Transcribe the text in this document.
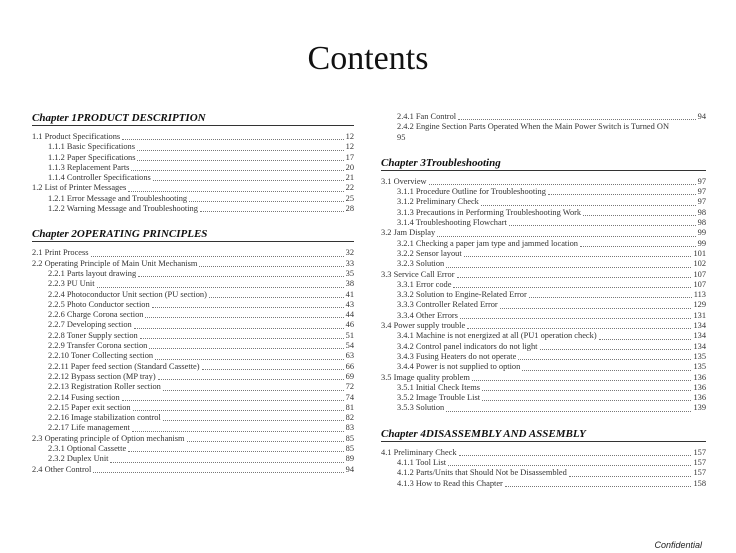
Contents
Chapter 1PRODUCT DESCRIPTION
1.1 Product Specifications	12
1.1.1 Basic Specifications	12
1.1.2 Paper Specifications	17
1.1.3 Replacement Parts	20
1.1.4 Controller Specifications	21
1.2 List of Printer Messages	22
1.2.1 Error Message and Troubleshooting	25
1.2.2 Warning Message and Troubleshooting	28
Chapter 2OPERATING PRINCIPLES
2.1 Print Process	32
2.2 Operating Principle of Main Unit Mechanism	33
2.2.1 Parts layout drawing	35
2.2.3 PU Unit	38
2.2.4 Photoconductor Unit section (PU section)	41
2.2.5 Photo Conductor section	43
2.2.6 Charge Corona section	44
2.2.7 Developing section	46
2.2.8 Toner Supply section	51
2.2.9 Transfer Corona section	54
2.2.10 Toner Collecting section	63
2.2.11 Paper feed section (Standard Cassette)	66
2.2.12 Bypass section (MP tray)	69
2.2.13 Registration Roller section	72
2.2.14 Fusing section	74
2.2.15 Paper exit section	81
2.2.16 Image stabilization control	82
2.2.17 Life management	83
2.3 Operating principle of Option mechanism	85
2.3.1 Optional Cassette	85
2.3.2 Duplex Unit	89
2.4 Other Control	94
2.4.1 Fan Control	94
2.4.2 Engine Section Parts Operated When the Main Power Switch is Turned ON
95
Chapter 3Troubleshooting
3.1 Overview	97
3.1.1 Procedure Outline for Troubleshooting	97
3.1.2 Preliminary Check	97
3.1.3 Precautions in Performing Troubleshooting Work	98
3.1.4 Troubleshooting Flowchart	98
3.2 Jam Display	99
3.2.1 Checking a paper jam type and jammed location	99
3.2.2 Sensor layout	101
3.2.3 Solution	102
3.3 Service Call Error	107
3.3.1 Error code	107
3.3.2 Solution to Engine-Related Error	113
3.3.3 Controller Related Error	129
3.3.4 Other Errors	131
3.4 Power supply trouble	134
3.4.1 Machine is not energized at all (PU1 operation check)	134
3.4.2 Control panel indicators do not light	134
3.4.3 Fusing Heaters do not operate	135
3.4.4 Power is not supplied to option	135
3.5 Image quality problem	136
3.5.1 Initial Check Items	136
3.5.2 Image Trouble List	136
3.5.3 Solution	139
Chapter 4DISASSEMBLY AND ASSEMBLY
4.1 Preliminary Check	157
4.1.1 Tool List	157
4.1.2 Parts/Units that Should Not be Disassembled	157
4.1.3 How to Read this Chapter	158
Confidential
